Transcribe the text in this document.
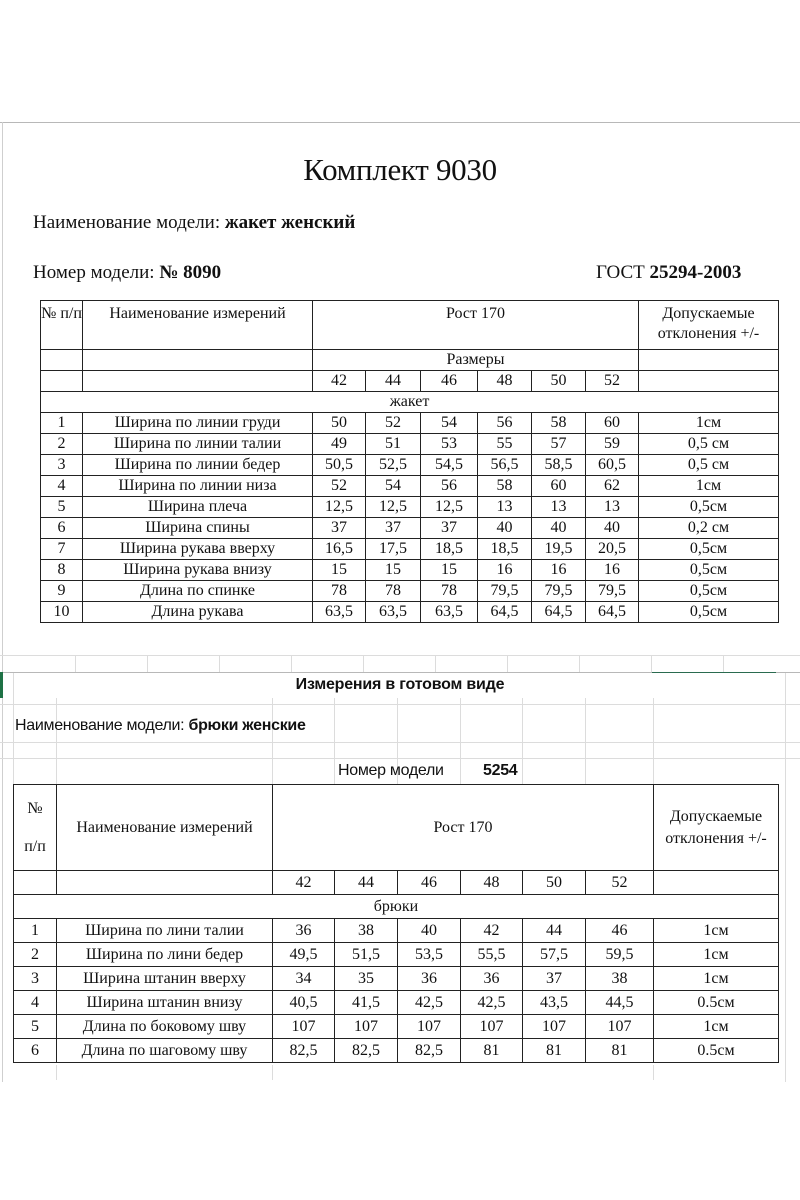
Комплект 9030
Наименование модели: жакет женский
Номер модели: № 8090	ГОСТ 25294-2003
№ п/п	Наименование измерений	Рост 170						Допускаемые отклонения +/-
		Размеры						
		42	44	46	48	50	52	
жакет								
1	Ширина по линии груди	50	52	54	56	58	60	1см
2	Ширина по линии талии	49	51	53	55	57	59	0,5 см
3	Ширина по линии бедер	50,5	52,5	54,5	56,5	58,5	60,5	0,5 см
4	Ширина по линии низа	52	54	56	58	60	62	1см
5	Ширина плеча	12,5	12,5	12,5	13	13	13	0,5см
6	Ширина спины	37	37	37	40	40	40	0,2 см
7	Ширина рукава вверху	16,5	17,5	18,5	18,5	19,5	20,5	0,5см
8	Ширина рукава внизу	15	15	15	16	16	16	0,5см
9	Длина по спинке	78	78	78	79,5	79,5	79,5	0,5см
10	Длина рукава	63,5	63,5	63,5	64,5	64,5	64,5	0,5см
Измерения в готовом виде
Наименование модели: брюки женские
Номер модели 5254
№
п/п	Наименование измерений	Рост 170						Допускаемые отклонения +/-
		42	44	46	48	50	52	
брюки								
1	Ширина по лини талии	36	38	40	42	44	46	1см
2	Ширина по лини бедер	49,5	51,5	53,5	55,5	57,5	59,5	1см
3	Ширина штанин вверху	34	35	36	36	37	38	1см
4	Ширина штанин внизу	40,5	41,5	42,5	42,5	43,5	44,5	0.5см
5	Длина по боковому шву	107	107	107	107	107	107	1см
6	Длина по шаговому шву	82,5	82,5	82,5	81	81	81	0.5см
